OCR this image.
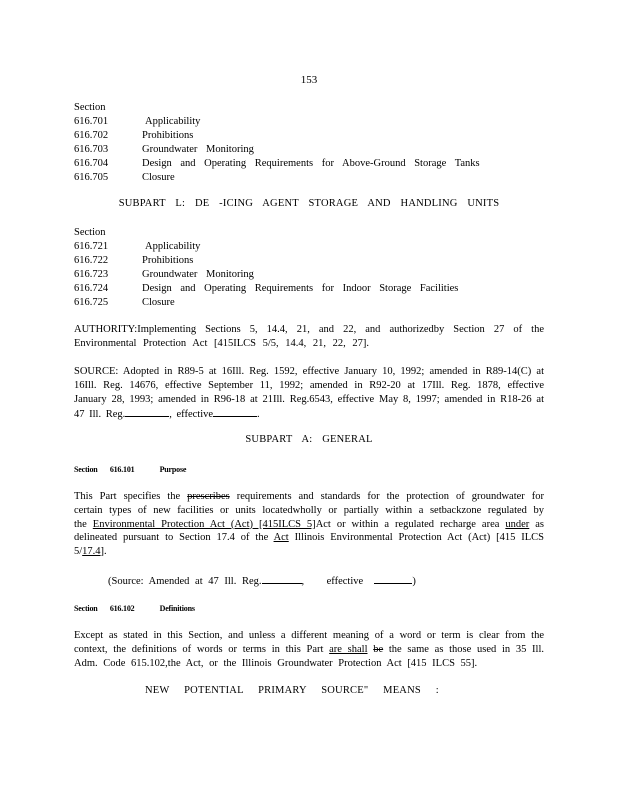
153
Section
616.701	Applicability
616.702	Prohibitions
616.703	Groundwater Monitoring
616.704	Design and Operating Requirements for Above-Ground Storage Tanks
616.705	Closure
SUBPART L: DE -ICING AGENT STORAGE AND HANDLING UNITS
Section
616.721	Applicability
616.722	Prohibitions
616.723	Groundwater Monitoring
616.724	Design and Operating Requirements for Indoor Storage Facilities
616.725	Closure
AUTHORITY:Implementing Sections 5, 14.4, 21, and 22, and authorizedby Section 27 of the Environmental Protection Act [415ILCS 5/5, 14.4, 21, 22, 27].
SOURCE: Adopted in R89-5 at 16Ill. Reg. 1592, effective January 10, 1992; amended in R89-14(C) at 16Ill. Reg. 14676, effective September 11, 1992; amended in R92-20 at 17Ill. Reg. 1878, effective January 28, 1993; amended in R96-18 at 21Ill. Reg.6543, effective May 8, 1997; amended in R18-26 at 47 Ill. Reg.	, effective	.
SUBPART A: GENERAL
Section 616.101	Purpose
This Part specifies the prescribes requirements and standards for the protection of groundwater for certain types of new facilities or units locatedwholly or partially within a setbackzone regulated by the Environmental Protection Act (Act) [415ILCS 5]Act or within a regulated recharge area under as delineated pursuant to Section 17.4 of the Act Illinois Environmental Protection Act (Act) [415 ILCS 5/17.4].
(Source: Amended at 47 Ill. Reg.	,    effective	)
Section 616.102	Definitions
Except as stated in this Section, and unless a different meaning of a word or term is clear from the context, the definitions of words or terms in this Part are shall be the same as those used in 35 Ill. Adm. Code 615.102,the Act, or the Illinois Groundwater Protection Act [415 ILCS 55].
NEW POTENTIAL PRIMARY SOURCE" MEANS :
